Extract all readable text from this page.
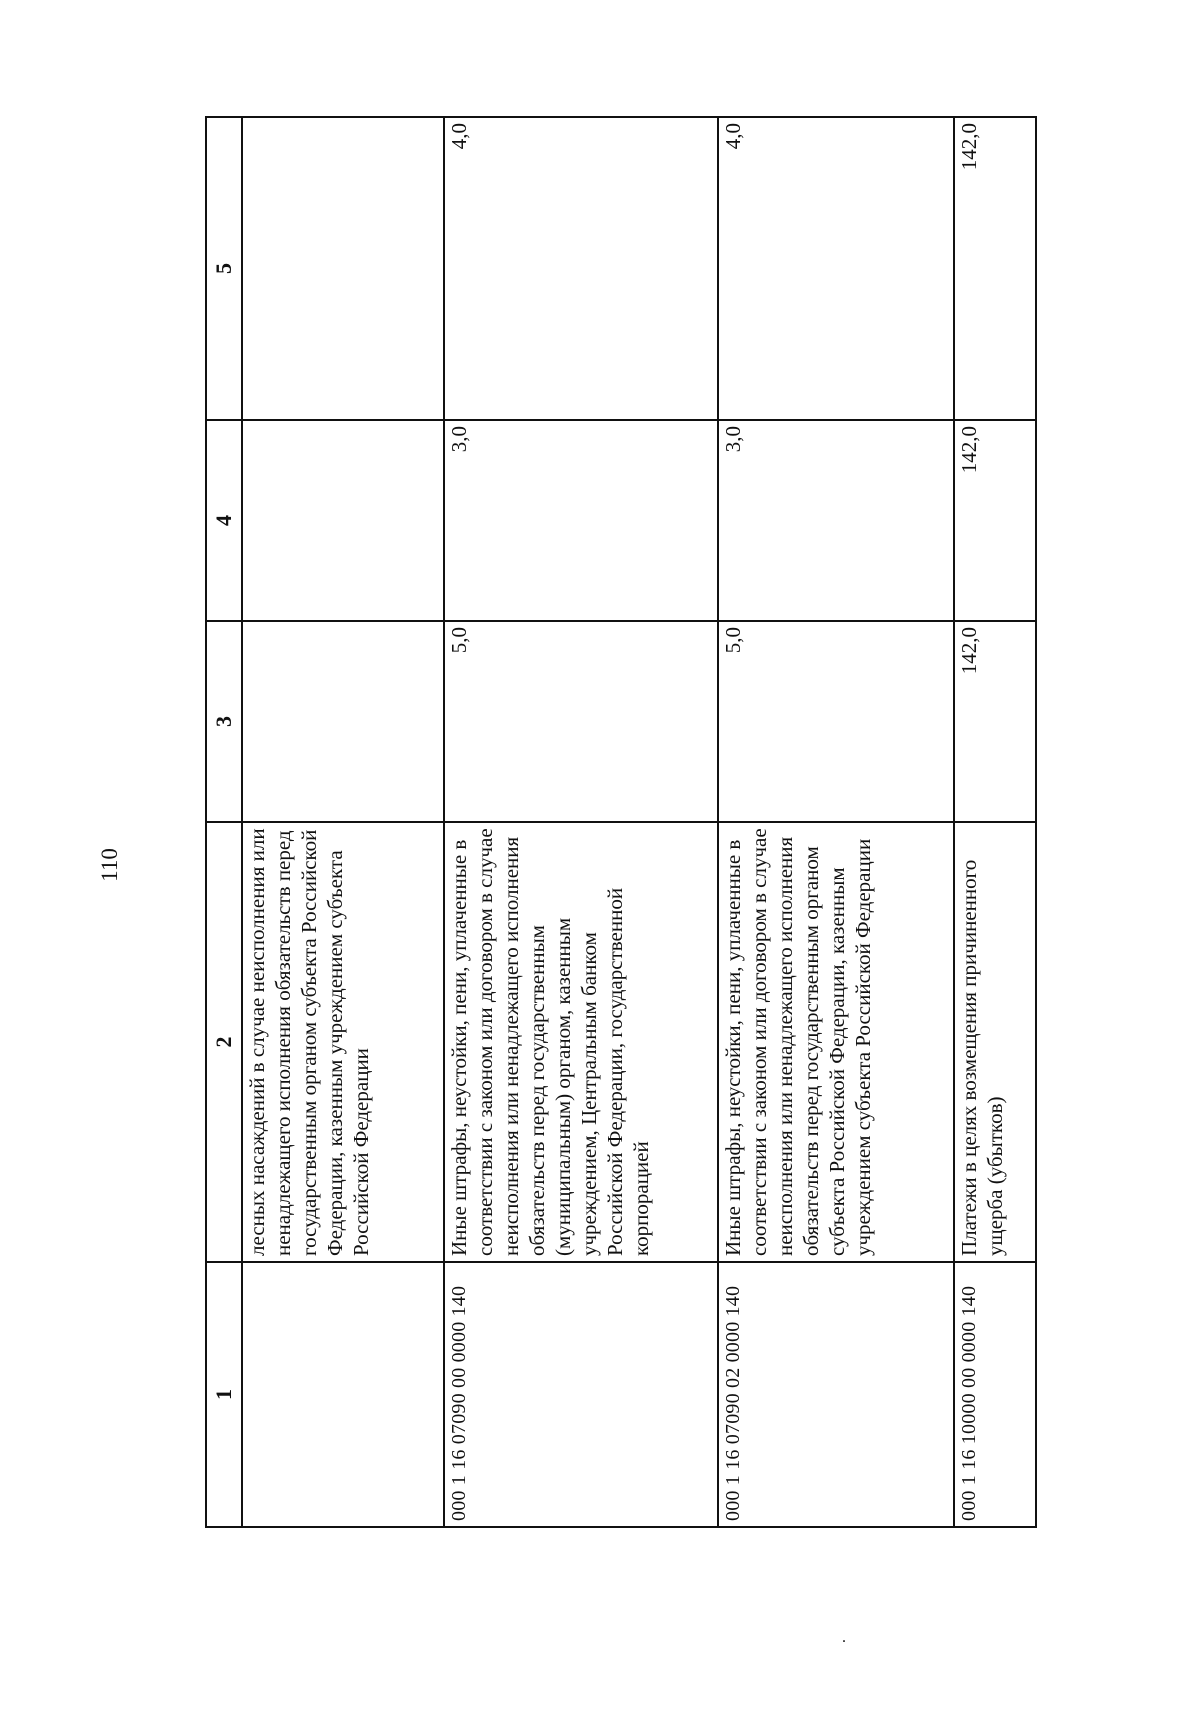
110
1	2	3	4	5
	лесных насаждений в случае неисполнения или ненадлежащего исполнения обязательств перед государственным органом субъекта Российской Федерации, казенным учреждением субъекта Российской Федерации			
000 1 16 07090 00 0000 140	Иные штрафы, неустойки, пени, уплаченные в соответствии с законом или договором в случае неисполнения или ненадлежащего исполнения обязательств перед государственным (муниципальным) органом, казенным учреждением, Центральным банком Российской Федерации, государственной корпорацией	5,0	3,0	4,0
000 1 16 07090 02 0000 140	Иные штрафы, неустойки, пени, уплаченные в соответствии с законом или договором в случае неисполнения или ненадлежащего исполнения обязательств перед государственным органом субъекта Российской Федерации, казенным учреждением субъекта Российской Федерации	5,0	3,0	4,0
000 1 16 10000 00 0000 140	Платежи в целях возмещения причиненного ущерба (убытков)	142,0	142,0	142,0
.
